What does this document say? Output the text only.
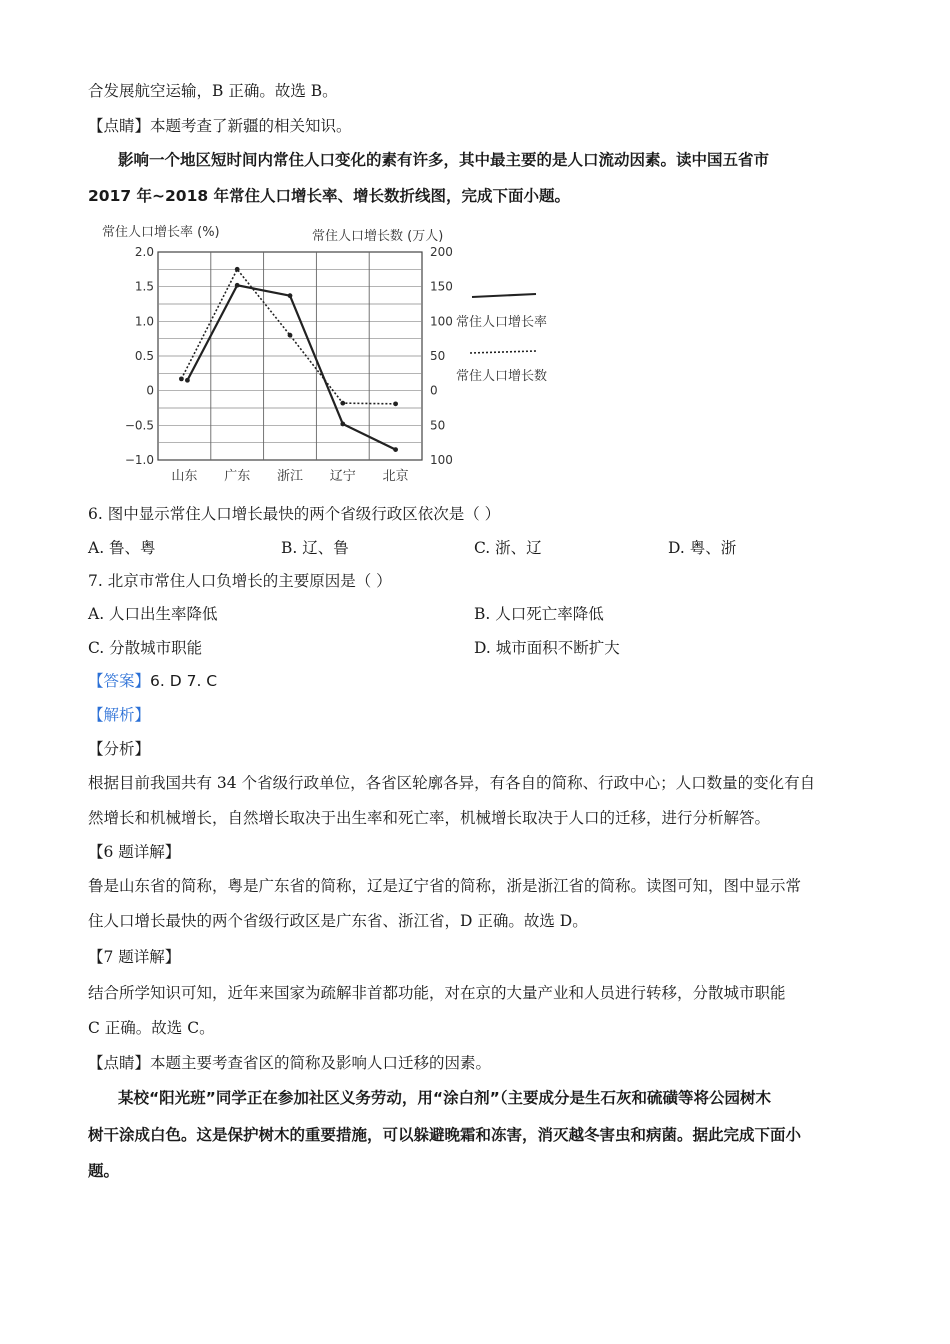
合发展航空运输，B 正确。故选 B。
【点睛】本题考查了新疆的相关知识。
影响一个地区短时间内常住人口变化的素有许多，其中最主要的是人口流动因素。读中国五省市
2017 年~2018 年常住人口增长率、增长数折线图，完成下面小题。
常住人口增长率 (%)	常住人口增长数 (万人)
2.0
1.5
1.0
0.5
0
−0.5
−1.0
200
150
100
50
0
50
100
山东 广东 浙江 辽宁 北京
常住人口增长率
常住人口增长数
6. 图中显示常住人口增长最快的两个省级行政区依次是（ ）
A. 鲁、粤	B. 辽、鲁	C. 浙、辽	D. 粤、浙
7. 北京市常住人口负增长的主要原因是（ ）
A. 人口出生率降低	B. 人口死亡率降低
C. 分散城市职能	D. 城市面积不断扩大
【答案】6. D 7. C
【解析】
【分析】
根据目前我国共有 34 个省级行政单位，各省区轮廓各异，有各自的简称、行政中心；人口数量的变化有自
然增长和机械增长，自然增长取决于出生率和死亡率，机械增长取决于人口的迁移，进行分析解答。
【6 题详解】
鲁是山东省的简称，粤是广东省的简称，辽是辽宁省的简称，浙是浙江省的简称。读图可知，图中显示常
住人口增长最快的两个省级行政区是广东省、浙江省，D 正确。故选 D。
【7 题详解】
结合所学知识可知，近年来国家为疏解非首都功能，对在京的大量产业和人员进行转移，分散城市职能
C 正确。故选 C。
【点睛】本题主要考查省区的简称及影响人口迁移的因素。
某校“阳光班”同学正在参加社区义务劳动，用“涂白剂”（主要成分是生石灰和硫磺等将公园树木
树干涂成白色。这是保护树木的重要措施，可以躲避晚霜和冻害，消灭越冬害虫和病菌。据此完成下面小
题。
